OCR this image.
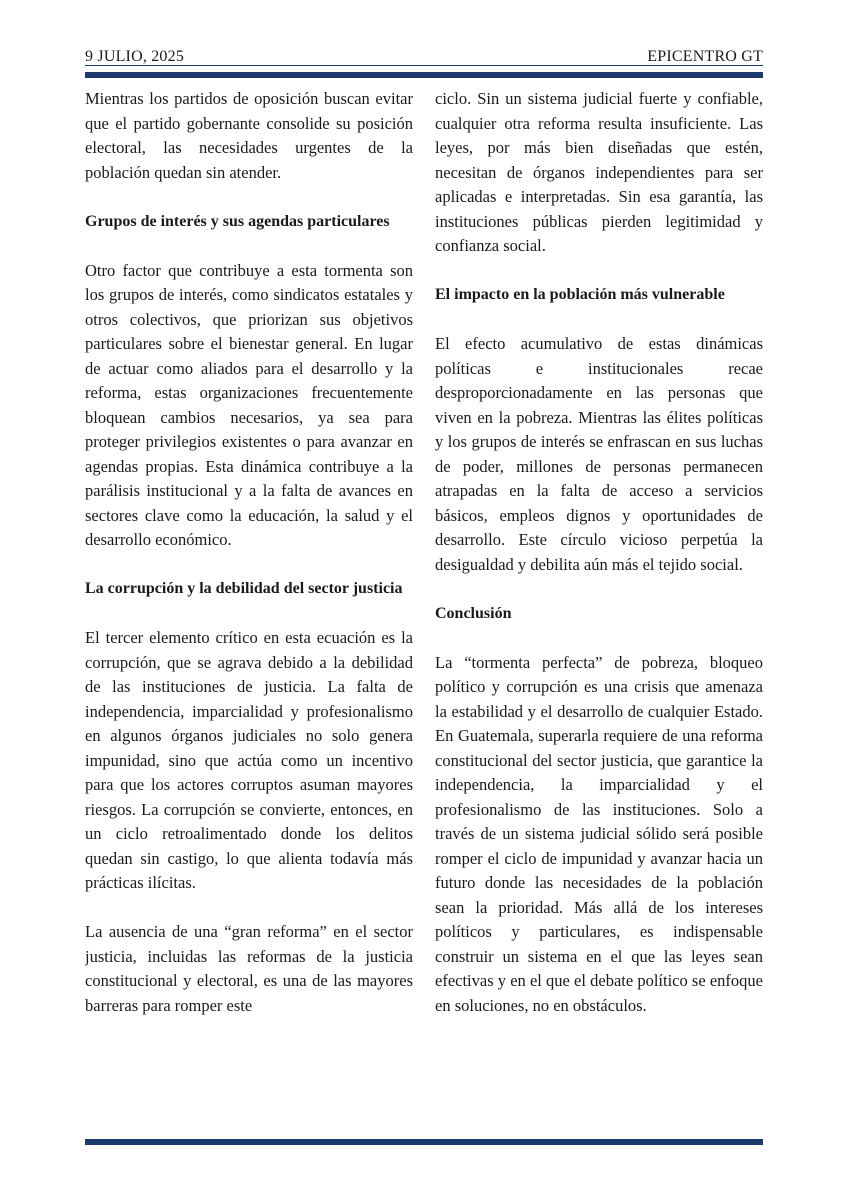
9 JULIO, 2025	EPICENTRO GT

Mientras los partidos de oposición buscan evitar que el partido gobernante consolide su posición electoral, las necesidades urgentes de la población quedan sin atender.

Grupos de interés y sus agendas particulares

Otro factor que contribuye a esta tormenta son los grupos de interés, como sindicatos estatales y otros colectivos, que priorizan sus objetivos particulares sobre el bienestar general. En lugar de actuar como aliados para el desarrollo y la reforma, estas organizaciones frecuentemente bloquean cambios necesarios, ya sea para proteger privilegios existentes o para avanzar en agendas propias. Esta dinámica contribuye a la parálisis institucional y a la falta de avances en sectores clave como la educación, la salud y el desarrollo económico.

La corrupción y la debilidad del sector justicia

El tercer elemento crítico en esta ecuación es la corrupción, que se agrava debido a la debilidad de las instituciones de justicia. La falta de independencia, imparcialidad y profesionalismo en algunos órganos judiciales no solo genera impunidad, sino que actúa como un incentivo para que los actores corruptos asuman mayores riesgos. La corrupción se convierte, entonces, en un ciclo retroalimentado donde los delitos quedan sin castigo, lo que alienta todavía más prácticas ilícitas.

La ausencia de una “gran reforma” en el sector justicia, incluidas las reformas de la justicia constitucional y electoral, es una de las mayores barreras para romper este

ciclo. Sin un sistema judicial fuerte y confiable, cualquier otra reforma resulta insuficiente. Las leyes, por más bien diseñadas que estén, necesitan de órganos independientes para ser aplicadas e interpretadas. Sin esa garantía, las instituciones públicas pierden legitimidad y confianza social.

El impacto en la población más vulnerable

El efecto acumulativo de estas dinámicas políticas e institucionales recae desproporcionadamente en las personas que viven en la pobreza. Mientras las élites políticas y los grupos de interés se enfrascan en sus luchas de poder, millones de personas permanecen atrapadas en la falta de acceso a servicios básicos, empleos dignos y oportunidades de desarrollo. Este círculo vicioso perpetúa la desigualdad y debilita aún más el tejido social.

Conclusión

La “tormenta perfecta” de pobreza, bloqueo político y corrupción es una crisis que amenaza la estabilidad y el desarrollo de cualquier Estado. En Guatemala, superarla requiere de una reforma constitucional del sector justicia, que garantice la independencia, la imparcialidad y el profesionalismo de las instituciones. Solo a través de un sistema judicial sólido será posible romper el ciclo de impunidad y avanzar hacia un futuro donde las necesidades de la población sean la prioridad. Más allá de los intereses políticos y particulares, es indispensable construir un sistema en el que las leyes sean efectivas y en el que el debate político se enfoque en soluciones, no en obstáculos.
